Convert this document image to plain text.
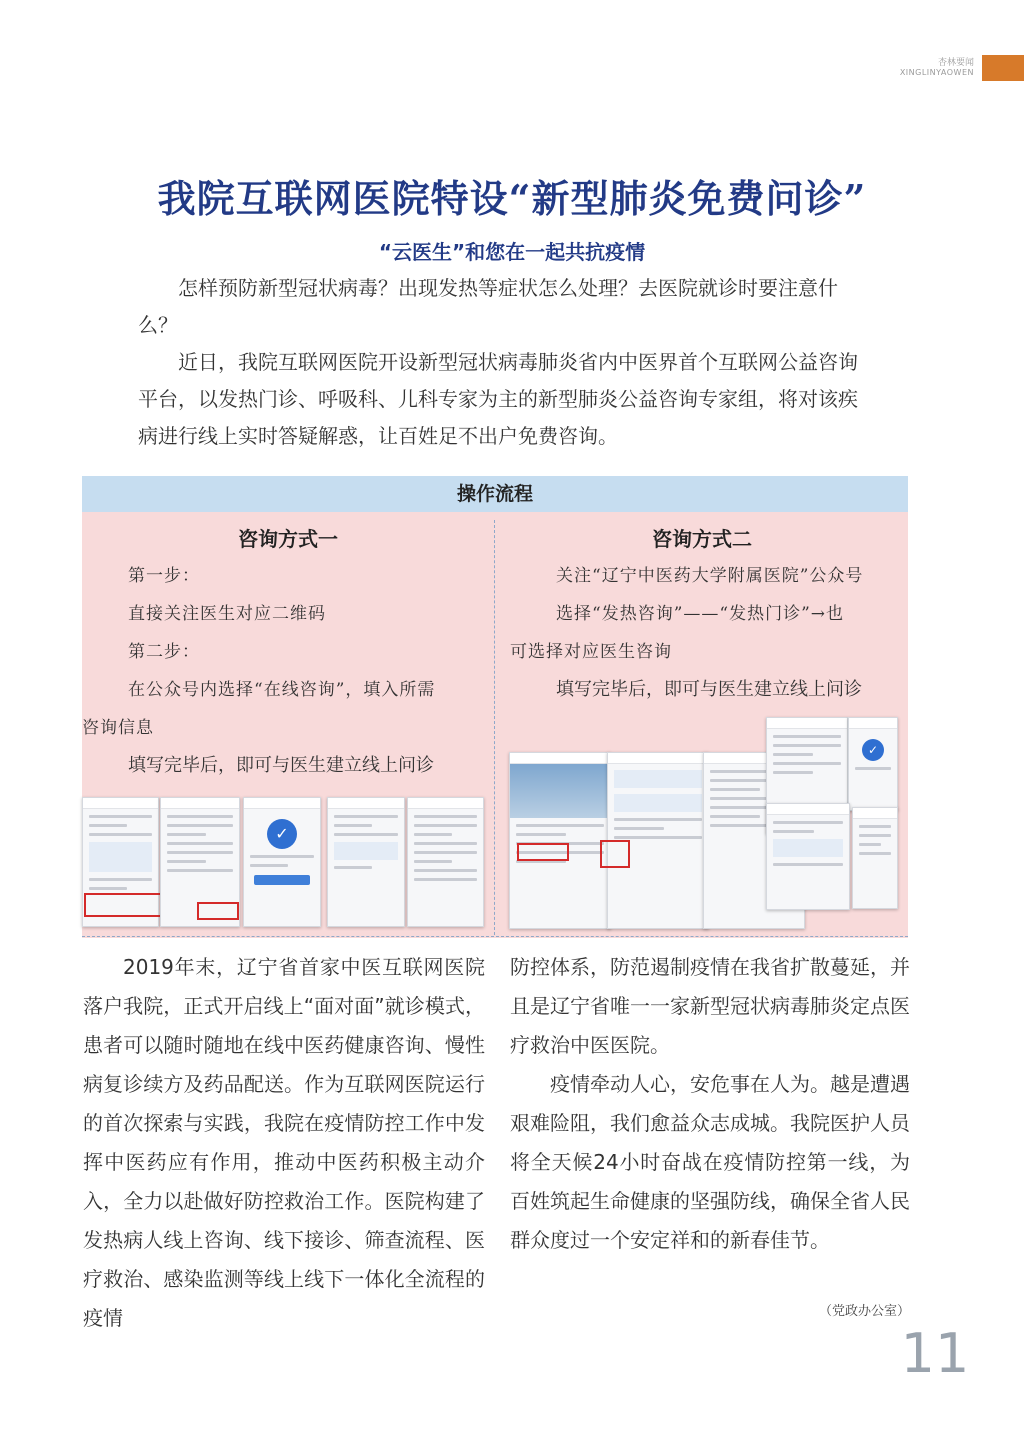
杏林要闻
XINGLINYAOWEN
我院互联网医院特设“新型肺炎免费问诊”
“云医生”和您在一起共抗疫情

怎样预防新型冠状病毒？出现发热等症状怎么处理？去医院就诊时要注意什么？

近日，我院互联网医院开设新型冠状病毒肺炎省内中医界首个互联网公益咨询平台，以发热门诊、呼吸科、儿科专家为主的新型肺炎公益咨询专家组，将对该疾病进行线上实时答疑解惑，让百姓足不出户免费咨询。

操作流程
咨询方式一	咨询方式二
第一步：
直接关注医生对应二维码
第二步：
在公众号内选择“在线咨询”，填入所需
咨询信息
填写完毕后，即可与医生建立线上问诊
关注“辽宁中医药大学附属医院”公众号
选择“发热咨询”——“发热门诊”→也
可选择对应医生咨询
填写完毕后，即可与医生建立线上问诊
✓
✓

2019年末，辽宁省首家中医互联网医院落户我院，正式开启线上“面对面”就诊模式，患者可以随时随地在线中医药健康咨询、慢性病复诊续方及药品配送。作为互联网医院运行的首次探索与实践，我院在疫情防控工作中发挥中医药应有作用，推动中医药积极主动介入，全力以赴做好防控救治工作。医院构建了发热病人线上咨询、线下接诊、筛查流程、医疗救治、感染监测等线上线下一体化全流程的疫情

防控体系，防范遏制疫情在我省扩散蔓延，并且是辽宁省唯一一家新型冠状病毒肺炎定点医疗救治中医医院。

疫情牵动人心，安危事在人为。越是遭遇艰难险阻，我们愈益众志成城。我院医护人员将全天候24小时奋战在疫情防控第一线，为百姓筑起生命健康的坚强防线，确保全省人民群众度过一个安定祥和的新春佳节。

（党政办公室）
11
